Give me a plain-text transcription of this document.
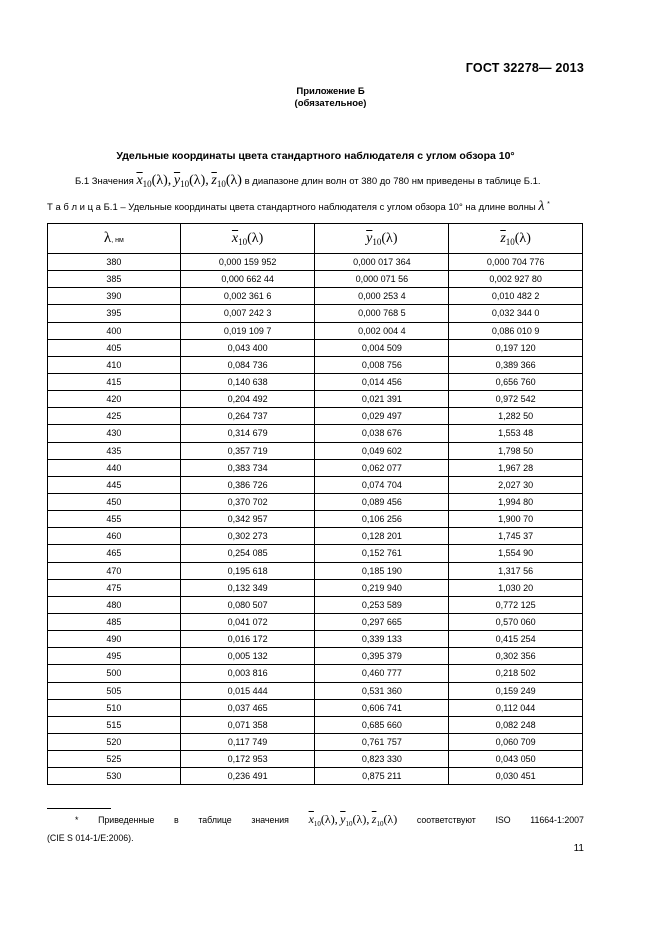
ГОСТ 32278— 2013
Приложение Б
(обязательное)
Удельные координаты цвета стандартного наблюдателя с углом обзора 10°
Б.1 Значения $\overline{x}_{10}(\lambda)$, $\overline{y}_{10}(\lambda)$, $\overline{z}_{10}(\lambda)$ в диапазоне длин волн от 380 до 780 нм приведены в таблице Б.1.
Т а б л и ц а Б.1 – Удельные координаты цвета стандартного наблюдателя с углом обзора 10° на длине волны λ *
λ, нм	$\overline{x}_{10}(\lambda)$	$\overline{y}_{10}(\lambda)$	$\overline{z}_{10}(\lambda)$
380	0,000 159 952	0,000 017 364	0,000 704 776
385	0,000 662 44	0,000 071 56	0,002 927 80
390	0,002 361 6	0,000 253 4	0,010 482 2
395	0,007 242 3	0,000 768 5	0,032 344 0
400	0,019 109 7	0,002 004 4	0,086 010 9
405	0,043 400	0,004 509	0,197 120
410	0,084 736	0,008 756	0,389 366
415	0,140 638	0,014 456	0,656 760
420	0,204 492	0,021 391	0,972 542
425	0,264 737	0,029 497	1,282 50
430	0,314 679	0,038 676	1,553 48
435	0,357 719	0,049 602	1,798 50
440	0,383 734	0,062 077	1,967 28
445	0,386 726	0,074 704	2,027 30
450	0,370 702	0,089 456	1,994 80
455	0,342 957	0,106 256	1,900 70
460	0,302 273	0,128 201	1,745 37
465	0,254 085	0,152 761	1,554 90
470	0,195 618	0,185 190	1,317 56
475	0,132 349	0,219 940	1,030 20
480	0,080 507	0,253 589	0,772 125
485	0,041 072	0,297 665	0,570 060
490	0,016 172	0,339 133	0,415 254
495	0,005 132	0,395 379	0,302 356
500	0,003 816	0,460 777	0,218 502
505	0,015 444	0,531 360	0,159 249
510	0,037 465	0,606 741	0,112 044
515	0,071 358	0,685 660	0,082 248
520	0,117 749	0,761 757	0,060 709
525	0,172 953	0,823 330	0,043 050
530	0,236 491	0,875 211	0,030 451
* Приведенные в таблице значения $\overline{x}_{10}(\lambda)$, $\overline{y}_{10}(\lambda)$, $\overline{z}_{10}(\lambda)$ соответствуют ISO 11664-1:2007
(CIE S 014-1/E:2006).
11
